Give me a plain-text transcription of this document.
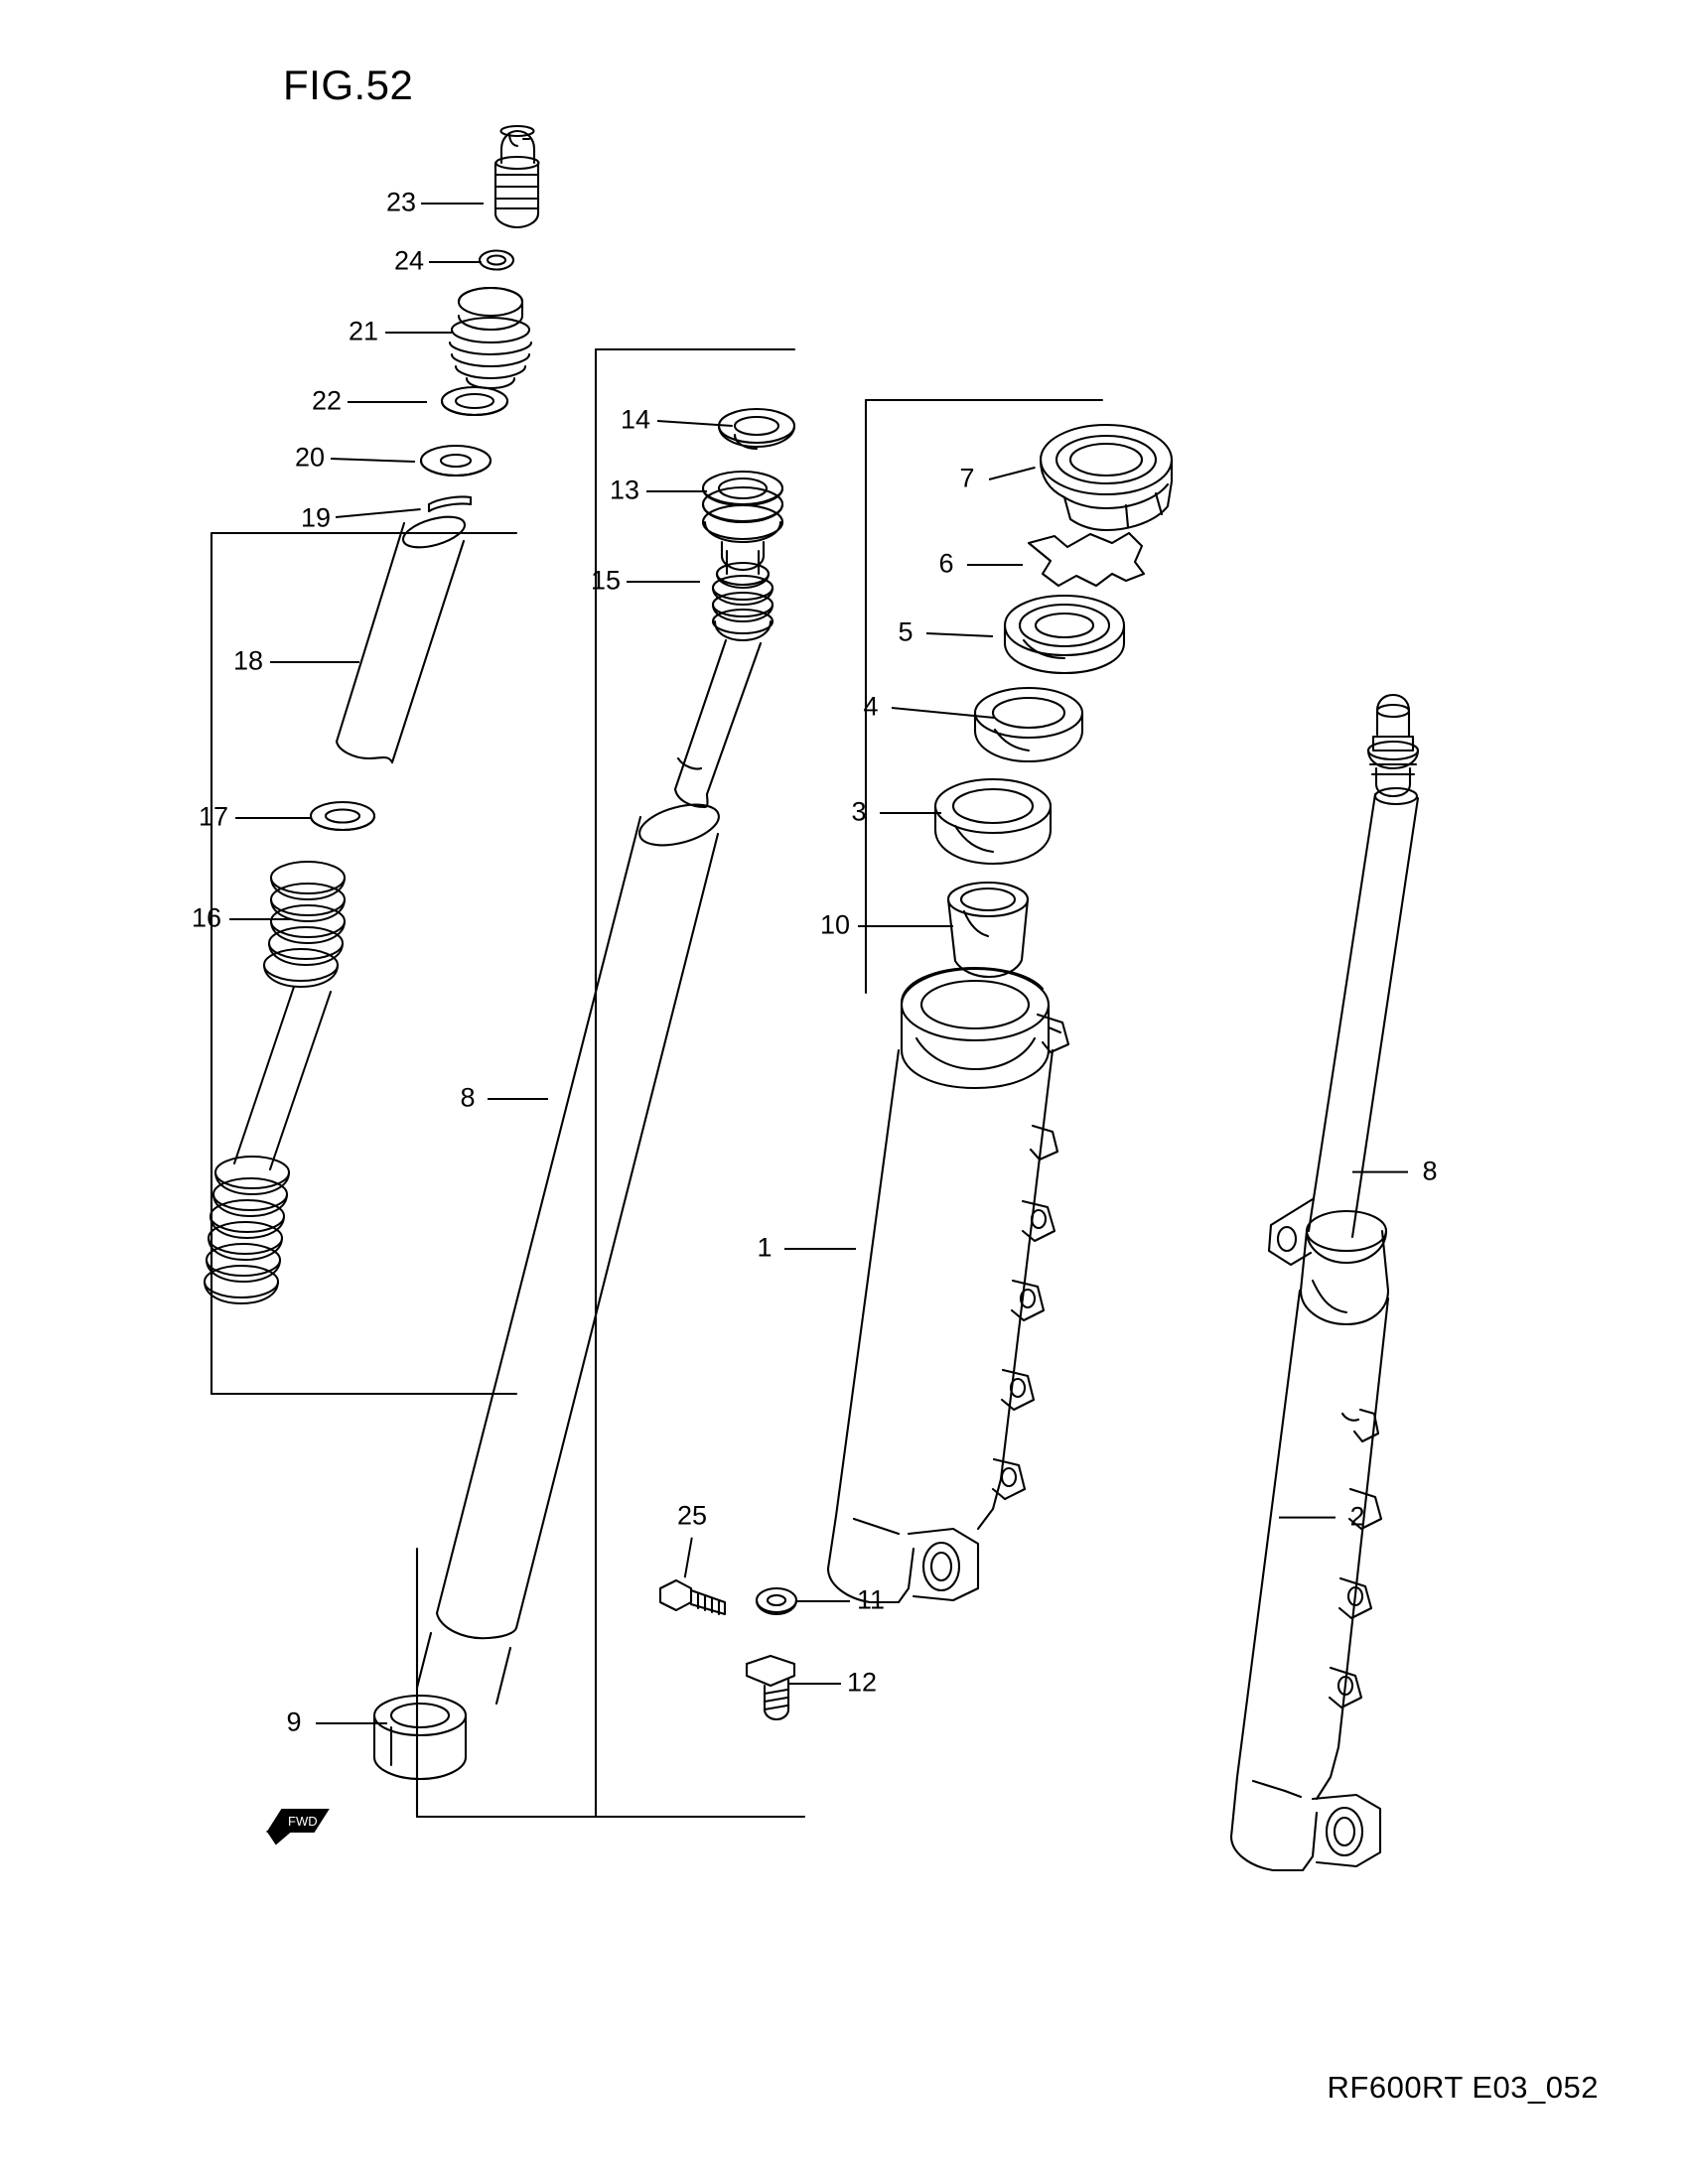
FIG.52
23
24
21
22
20
19
18
17
16
14
13
15
8
7
6
5
4
3
10
1
25
11
12
9
8
2
FWD
RF600RT E03_052
